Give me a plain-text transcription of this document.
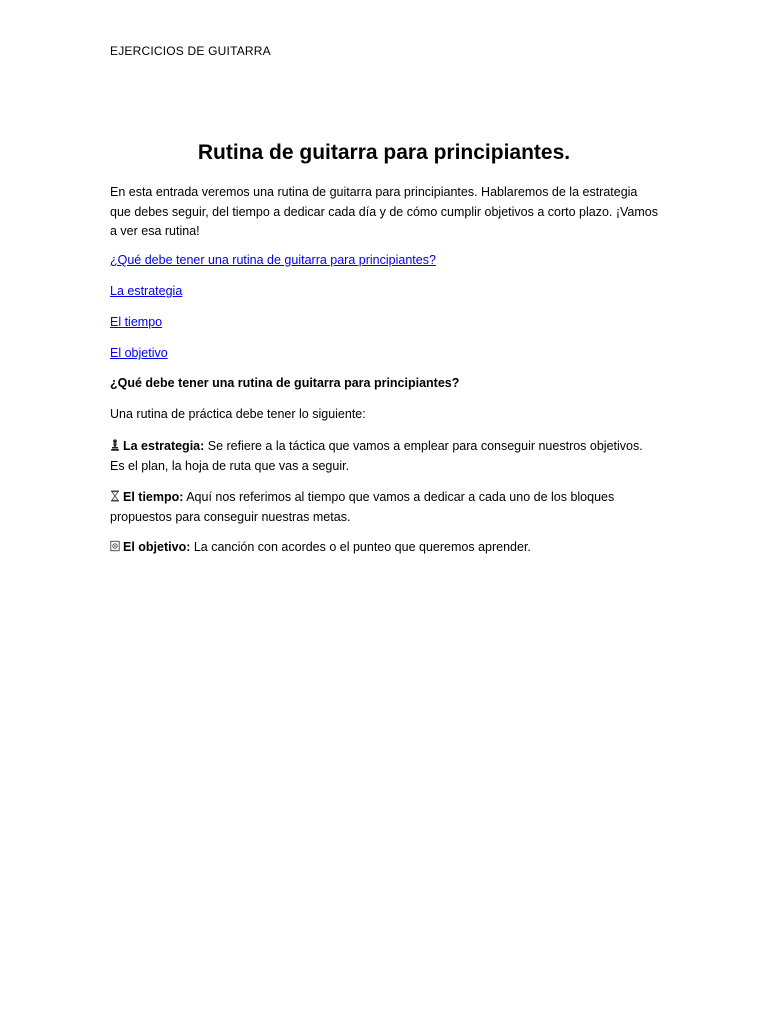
EJERCICIOS DE GUITARRA
Rutina de guitarra para principiantes.

En esta entrada veremos una rutina de guitarra para principiantes. Hablaremos de la estrategia que debes seguir, del tiempo a dedicar cada día y de cómo cumplir objetivos a corto plazo. ¡Vamos a ver esa rutina!

¿Qué debe tener una rutina de guitarra para principiantes?
La estrategia
El tiempo
El objetivo
¿Qué debe tener una rutina de guitarra para principiantes?

Una rutina de práctica debe tener lo siguiente:

La estrategia: Se refiere a la táctica que vamos a emplear para conseguir nuestros objetivos. Es el plan, la hoja de ruta que vas a seguir.

El tiempo: Aquí nos referimos al tiempo que vamos a dedicar a cada uno de los bloques propuestos para conseguir nuestras metas.

El objetivo: La canción con acordes o el punteo que queremos aprender.
